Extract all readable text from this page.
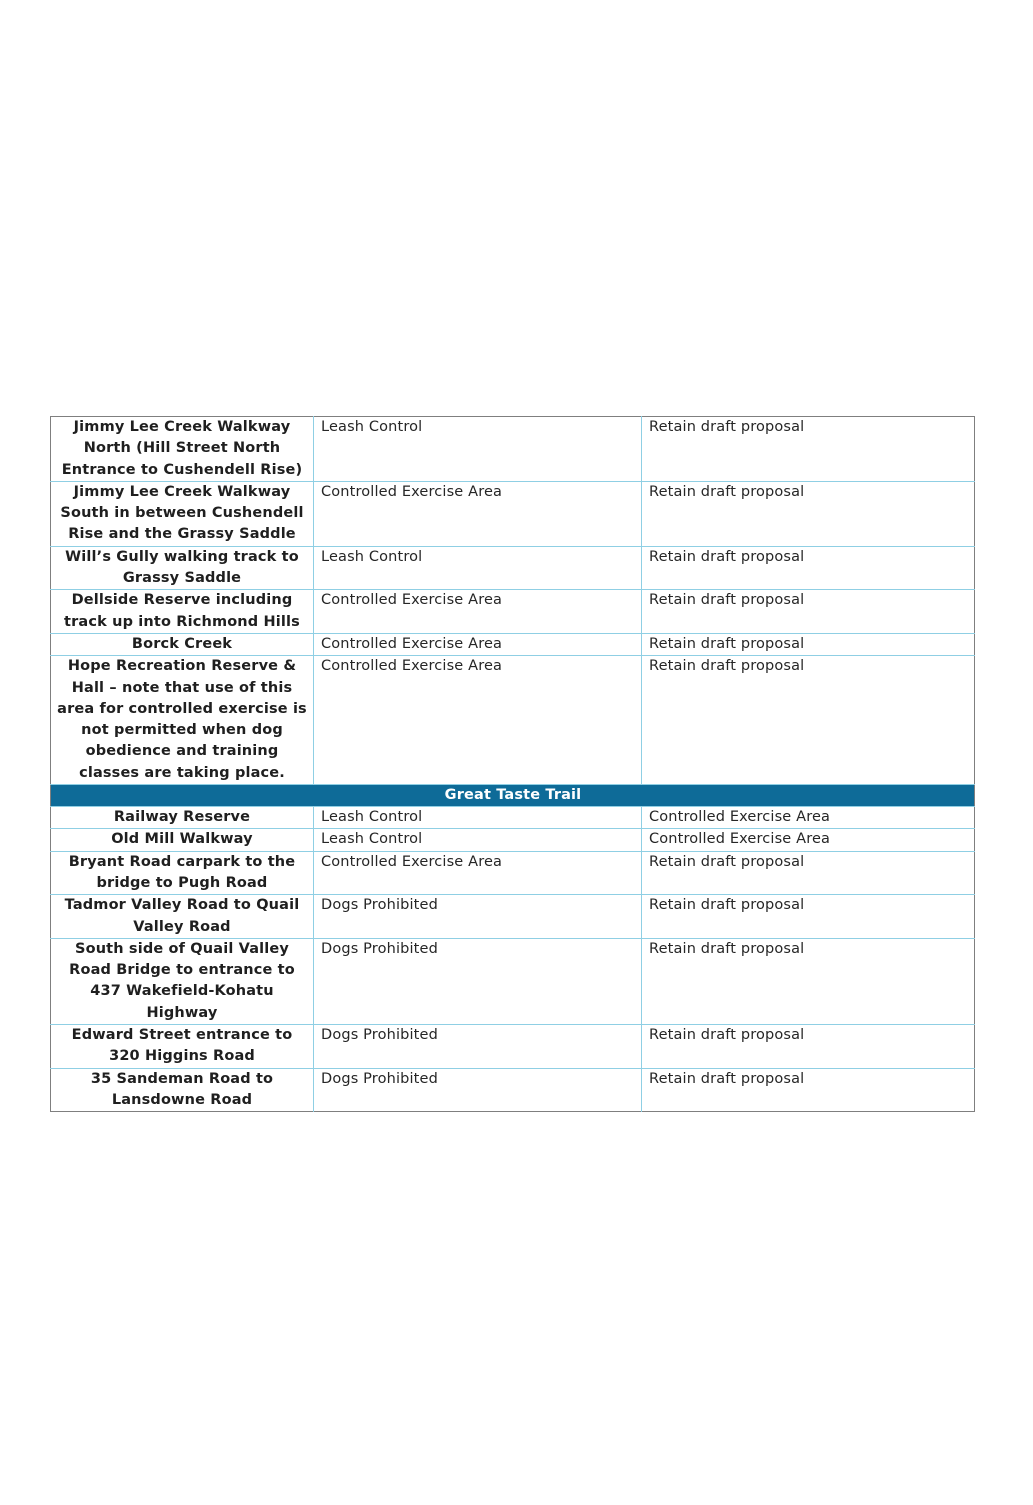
Jimmy Lee Creek Walkway North (Hill Street North Entrance to Cushendell Rise)	Leash Control	Retain draft proposal
Jimmy Lee Creek Walkway South in between Cushendell Rise and the Grassy Saddle	Controlled Exercise Area	Retain draft proposal
Will’s Gully walking track to Grassy Saddle	Leash Control	Retain draft proposal
Dellside Reserve including track up into Richmond Hills	Controlled Exercise Area	Retain draft proposal
Borck Creek	Controlled Exercise Area	Retain draft proposal
Hope Recreation Reserve & Hall – note that use of this area for controlled exercise is not permitted when dog obedience and training classes are taking place.	Controlled Exercise Area	Retain draft proposal
Great Taste Trail		
Railway Reserve	Leash Control	Controlled Exercise Area
Old Mill Walkway	Leash Control	Controlled Exercise Area
Bryant Road carpark to the bridge to Pugh Road	Controlled Exercise Area	Retain draft proposal
Tadmor Valley Road to Quail Valley Road	Dogs Prohibited	Retain draft proposal
South side of Quail Valley Road Bridge to entrance to 437 Wakefield-Kohatu Highway	Dogs Prohibited	Retain draft proposal
Edward Street entrance to 320 Higgins Road	Dogs Prohibited	Retain draft proposal
35 Sandeman Road to Lansdowne Road	Dogs Prohibited	Retain draft proposal
